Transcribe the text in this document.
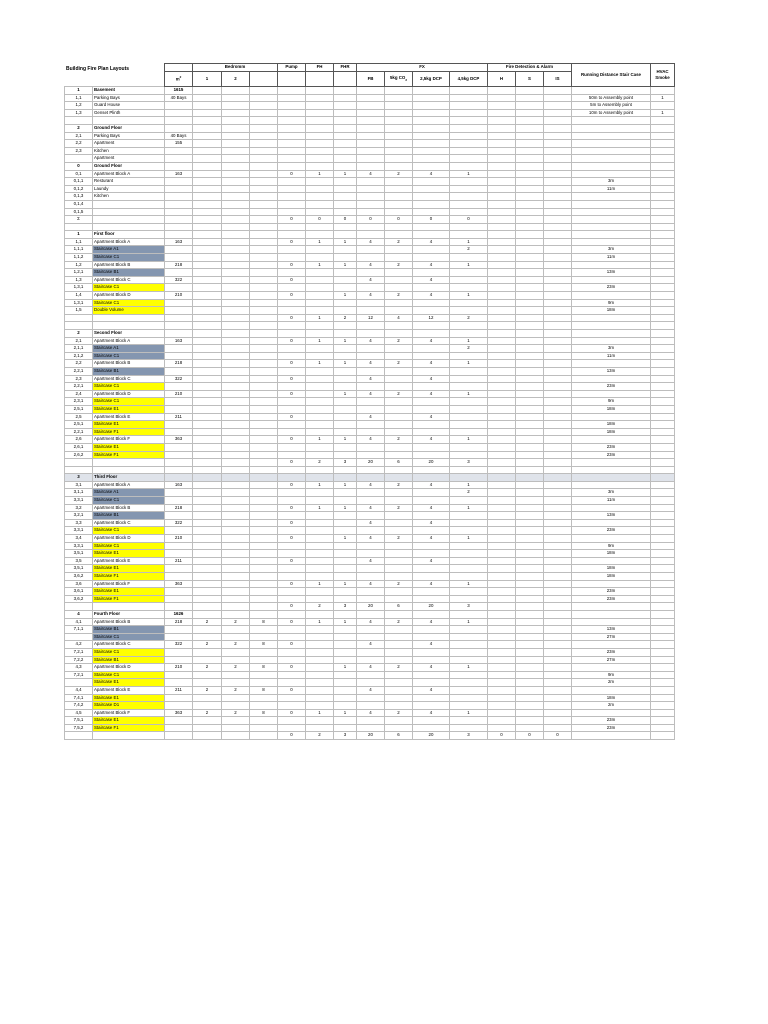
Building Fire Plan Layouts
			Bedromm			Pump	FH	FHR	FX				Fire Detection & Alarm			Running Distance Stair Case	HVAC Smoke
		$m^2$	1	2					FB	5kg $CO_2$	2,5kg DCP	4,5kg DCP	H	S	IS		
1	Basement	1615															
1,1	Parking Bays	40 Bays														50m to Assembly point	1
1,2	Guard House															5m to Assembly point	
1,3	Genset Plinth															10m to Assembly point	1

2	Ground Floor																
2,1	Parking Bays	40 Bays															
2,2	Apartment	155															
2,3	Kitchen																
	Apartment																
0	Ground Floor																
0,1	Apartment Block A	163				0	1	1	4	2	4	1					
0,1,1	Resturant															3m	
0,1,2	Laundy															11m	
0,1,3	Kitchen																
0,1,4																	
0,1,5																	
Σ						0	0	0	0	0	0	0					

1	First floor																
1,1	Apartment Block A	163				0	1	1	4	2	4	1					
1,1,1	Staircase A1											2				3m	
1,1,2	Staircase C1															11m	
1,2	Apartment Block B	218				0	1	1	4	2	4	1					
1,2,1	Staircase B1															13m	
1,3	Apartment Block C	322				0			4		4						
1,3,1	Staircase C1															23m	
1,4	Apartment Block D	210				0		1	4	2	4	1					
1,3,1	Staircase C1															9m	
1,5	Double Volume															18m	
						0	1	2	12	4	12	2					

2	Second Floor																
2,1	Apartment Block A	163				0	1	1	4	2	4	1					
2,1,1	Staircase A1											2				3m	
2,1,2	Staircase C1															11m	
2,2	Apartment Block B	218				0	1	1	4	2	4	1					
2,2,1	Staircase B1															13m	
2,3	Apartment Block C	322				0			4		4						
2,2,1	Staircase C1															23m	
2,4	Apartment Block D	210				0		1	4	2	4	1					
2,3,1	Staircase C1															9m	
2,5,1	Staircase E1															18m	
2,5	Apartment Block E	211				0			4		4						
2,5,1	Staircase E1															18m	
2,2,1	Staircase F1															18m	
2,6	Apartment Block F	363				0	1	1	4	2	4	1					
2,6,1	Staircase E1															23m	
2,6,2	Staircase F1															23m	
						0	2	3	20	6	20	3					

3	Third Floor																
3,1	Apartment Block A	163				0	1	1	4	2	4	1					
3,1,1	Staircase A1											2				3m	
3,3,1	Staircase C1															11m	
3,2	Apartment Block B	218				0	1	1	4	2	4	1					
3,2,1	Staircase B1															13m	
3,3	Apartment Block C	322				0			4		4						
3,3,1	Staircase C1															23m	
3,4	Apartment Block D	210				0		1	4	2	4	1					
3,3,1	Staircase C1															9m	
3,5,1	Staircase E1															18m	
3,5	Apartment Block E	211				0			4		4						
3,5,1	Staircase E1															18m	
3,6,2	Staircase F1															18m	
3,6	Apartment Block F	363				0	1	1	4	2	4	1					
3,6,1	Staircase E1															23m	
3,6,2	Staircase F1															23m	
						0	2	3	20	6	20	3					
4	Fourth Floor	1626															
4,1	Apartment Block B	218	2	2	8	0	1	1	4	2	4	1					
7,1,1	Staircase B1															13m	
	Staircase C1															27m	
4,2	Apartment Block C	322	2	2	8	0			4		4						
7,2,1	Staircase C1															23m	
7,2,2	Staircase B1															27m	
4,3	Apartment Block D	210	2	2	8	0		1	4	2	4	1					
7,2,1	Staircase C1															9m	
	Staircase E1															2m	
4,4	Apartment Block E	211	2	2	8	0			4		4						
7,4,1	Staircase E1															18m	
7,4,2	Staircase D1															2m	
4,5	Apartment Block F	363	2	2	8	0	1	1	4	2	4	1					
7,5,1	Staircase E1															23m	
7,5,2	Staircase F1															23m	
						0	2	3	20	6	20	3	0	0	0		
